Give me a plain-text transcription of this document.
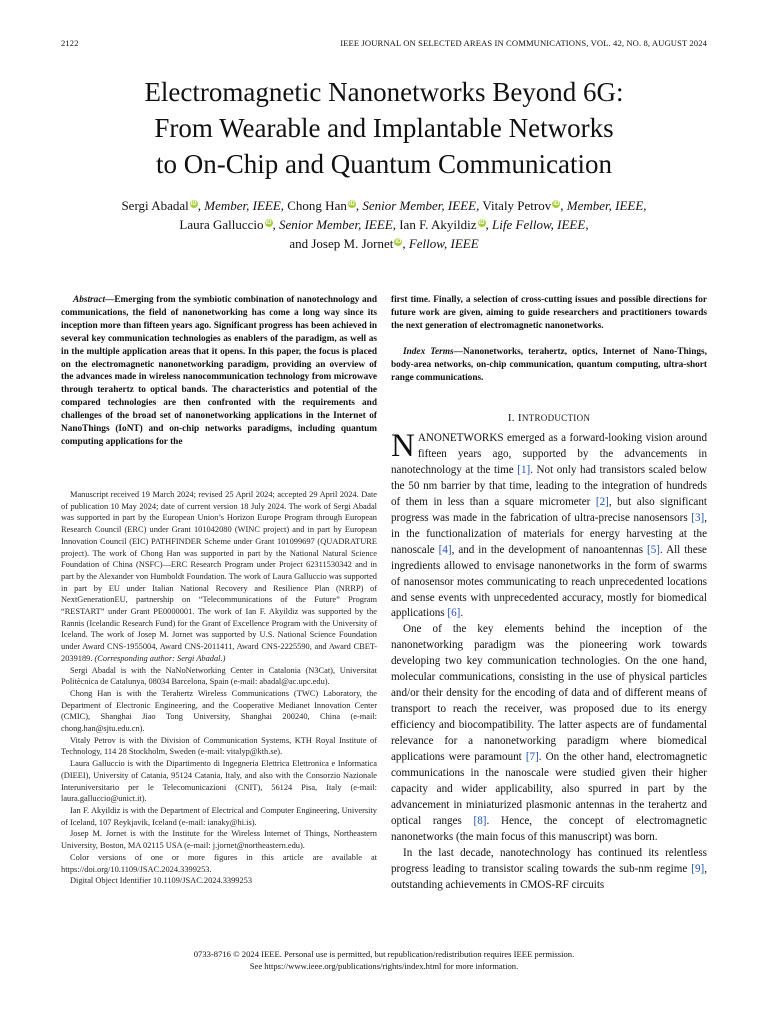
2122	IEEE JOURNAL ON SELECTED AREAS IN COMMUNICATIONS, VOL. 42, NO. 8, AUGUST 2024
Electromagnetic Nanonetworks Beyond 6G:
From Wearable and Implantable Networks
to On-Chip and Quantum Communication
Sergi Abadal iD, Member, IEEE, Chong Han iD, Senior Member, IEEE, Vitaly Petrov iD, Member, IEEE,
Laura Galluccio iD, Senior Member, IEEE, Ian F. Akyildiz iD, Life Fellow, IEEE,
and Josep M. Jornet iD, Fellow, IEEE

Abstract—Emerging from the symbiotic combination of nanotechnology and communications, the field of nanonetworking has come a long way since its inception more than fifteen years ago. Significant progress has been achieved in several key communication technologies as enablers of the paradigm, as well as in the multiple application areas that it opens. In this paper, the focus is placed on the electromagnetic nanonetworking paradigm, providing an overview of the advances made in wireless nanocommunication technology from microwave through terahertz to optical bands. The characteristics and potential of the compared technologies are then confronted with the requirements and challenges of the broad set of nanonetworking applications in the Internet of NanoThings (IoNT) and on-chip networks paradigms, including quantum computing applications for the

first time. Finally, a selection of cross-cutting issues and possible directions for future work are given, aiming to guide researchers and practitioners towards the next generation of electromagnetic nanonetworks.

Index Terms—Nanonetworks, terahertz, optics, Internet of Nano-Things, body-area networks, on-chip communication, quantum computing, ultra-short range communications.

Manuscript received 19 March 2024; revised 25 April 2024; accepted 29 April 2024. Date of publication 10 May 2024; date of current version 18 July 2024. The work of Sergi Abadal was supported in part by the European Union’s Horizon Europe Program through European Research Council (ERC) under Grant 101042080 (WINC project) and in part by European Innovation Council (EIC) PATHFINDER Scheme under Grant 101099697 (QUADRATURE project). The work of Chong Han was supported in part by the National Natural Science Foundation of China (NSFC)—ERC Research Program under Project 62311530342 and in part by the Alexander von Humboldt Foundation. The work of Laura Galluccio was supported in part by EU under Italian National Recovery and Resilience Plan (NRRP) of NextGenerationEU, partnership on “Telecommunications of the Future” Program “RESTART” under Grant PE0000001. The work of Ian F. Akyildiz was supported by the Rannis (Icelandic Research Fund) for the Grant of Excellence Program with the University of Iceland. The work of Josep M. Jornet was supported by U.S. National Science Foundation under Award CNS-1955004, Award CNS-2011411, Award CNS-2225590, and Award CBET-2039189. (Corresponding author: Sergi Abadal.)

Sergi Abadal is with the NaNoNetworking Center in Catalonia (N3Cat), Universitat Politècnica de Catalunya, 08034 Barcelona, Spain (e-mail: abadal@ac.upc.edu).

Chong Han is with the Terahertz Wireless Communications (TWC) Laboratory, the Department of Electronic Engineering, and the Cooperative Medianet Innovation Center (CMIC), Shanghai Jiao Tong University, Shanghai 200240, China (e-mail: chong.han@sjtu.edu.cn).

Vitaly Petrov is with the Division of Communication Systems, KTH Royal Institute of Technology, 114 28 Stockholm, Sweden (e-mail: vitalyp@kth.se).

Laura Galluccio is with the Dipartimento di Ingegneria Elettrica Elettronica e Informatica (DIEEI), University of Catania, 95124 Catania, Italy, and also with the Consorzio Nazionale Interuniversitario per le Telecomunicazioni (CNIT), 56124 Pisa, Italy (e-mail: laura.galluccio@unict.it).

Ian F. Akyildiz is with the Department of Electrical and Computer Engineering, University of Iceland, 107 Reykjavik, Iceland (e-mail: ianaky@hi.is).

Josep M. Jornet is with the Institute for the Wireless Internet of Things, Northeastern University, Boston, MA 02115 USA (e-mail: j.jornet@northeastern.edu).

Color versions of one or more figures in this article are available at https://doi.org/10.1109/JSAC.2024.3399253.

Digital Object Identifier 10.1109/JSAC.2024.3399253

I. INTRODUCTION

NANONETWORKS emerged as a forward-looking vision around fifteen years ago, supported by the advancements in nanotechnology at the time [1]. Not only had transistors scaled below the 50 nm barrier by that time, leading to the integration of hundreds of them in less than a square micrometer [2], but also significant progress was made in the fabrication of ultra-precise nanosensors [3], in the functionalization of materials for energy harvesting at the nanoscale [4], and in the development of nanoantennas [5]. All these ingredients allowed to envisage nanonetworks in the form of swarms of nanosensor motes communicating to reach unprecedented locations and sense events with unprecedented accuracy, mostly for biomedical applications [6].

One of the key elements behind the inception of the nanonetworking paradigm was the pioneering work towards developing two key communication technologies. On the one hand, molecular communications, consisting in the use of physical particles and/or their density for the encoding of data and of different means of transport to reach the receiver, was proposed due to its energy efficiency and biocompatibility. The latter aspects are of fundamental relevance for a nanonetworking paradigm where biomedical applications were paramount [7]. On the other hand, electromagnetic communications in the nanoscale were studied given their higher capacity and wider applicability, also spurred in part by the advancement in miniaturized plasmonic antennas in the terahertz and optical ranges [8]. Hence, the concept of electromagnetic nanonetworks (the main focus of this manuscript) was born.

In the last decade, nanotechnology has continued its relentless progress leading to transistor scaling towards the sub-nm regime [9], outstanding achievements in CMOS-RF circuits

0733-8716 © 2024 IEEE. Personal use is permitted, but republication/redistribution requires IEEE permission.
See https://www.ieee.org/publications/rights/index.html for more information.
